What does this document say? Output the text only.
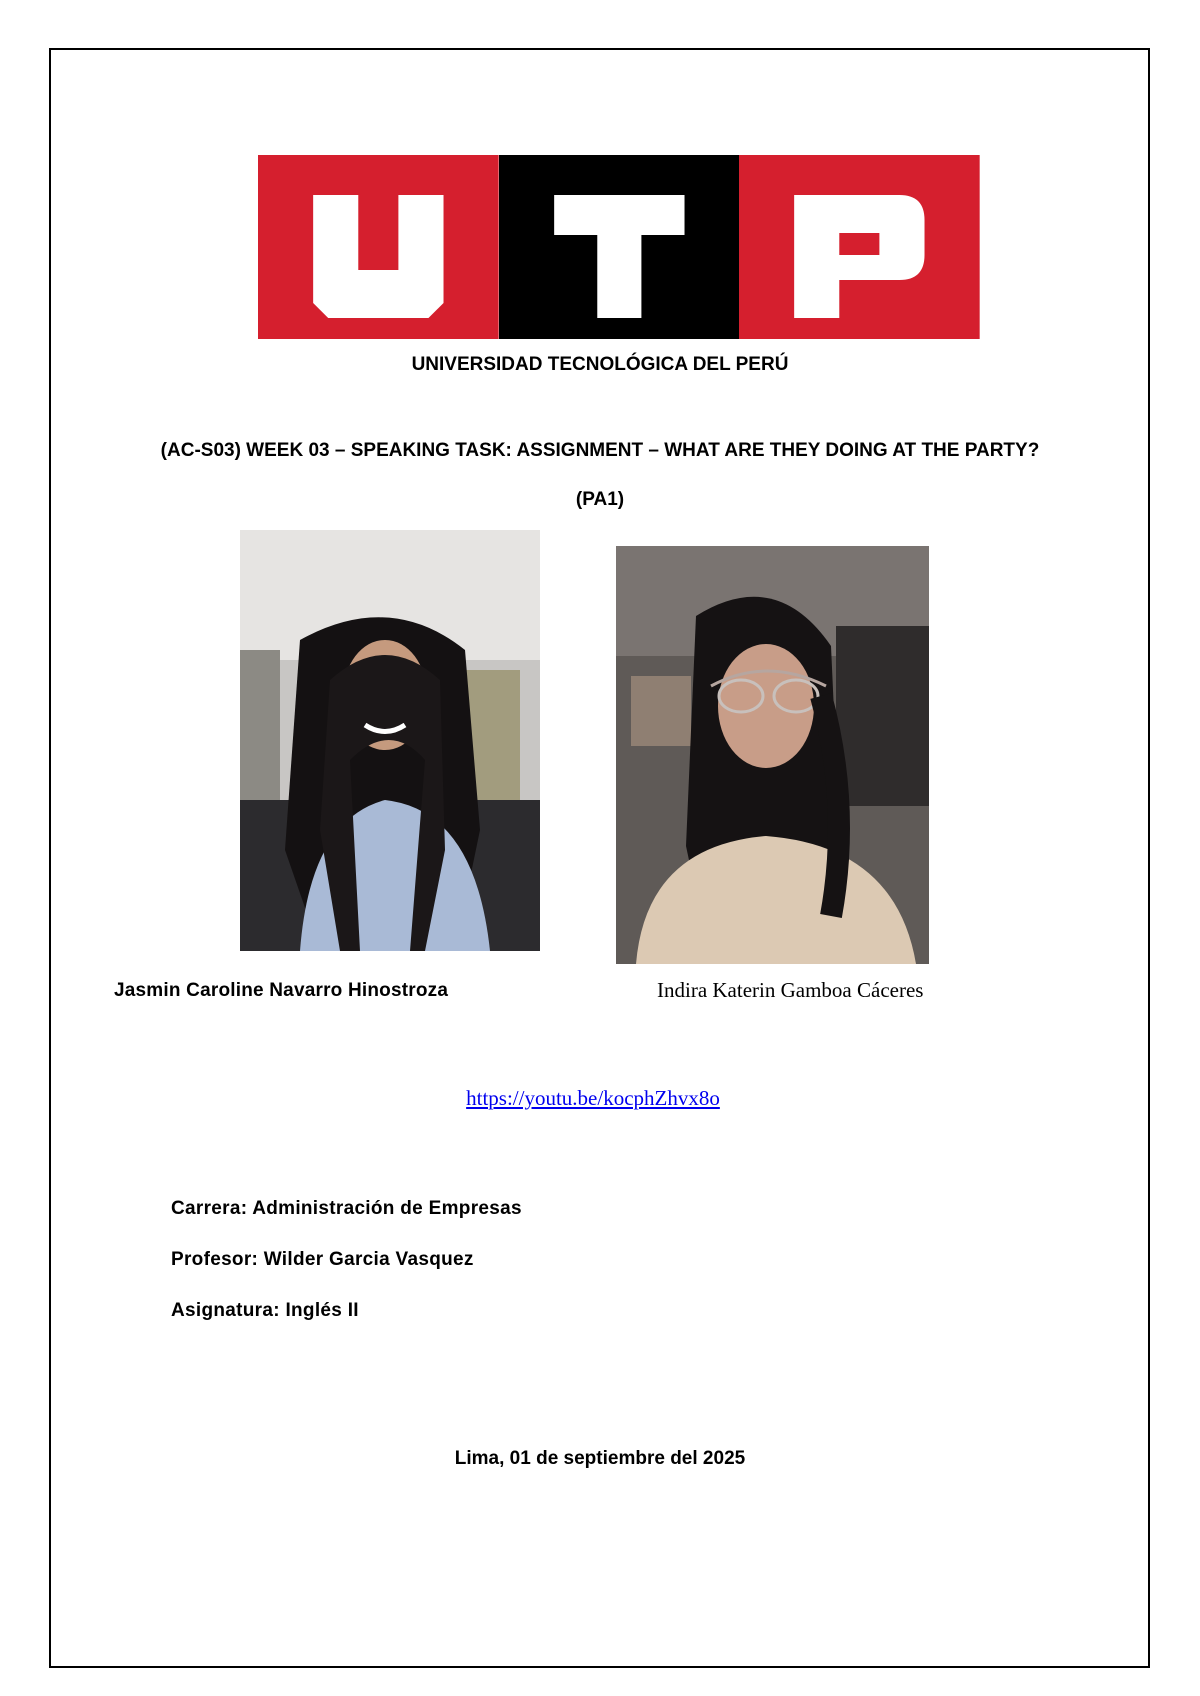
UNIVERSIDAD TECNOLÓGICA DEL PERÚ
(AC-S03) WEEK 03 – SPEAKING TASK: ASSIGNMENT – WHAT ARE THEY DOING AT THE PARTY?
(PA1)
Jasmin Caroline Navarro Hinostroza	Indira Katerin Gamboa Cáceres
https://youtu.be/kocphZhvx8o
Carrera: Administración de Empresas
Profesor: Wilder Garcia Vasquez
Asignatura: Inglés II
Lima, 01 de septiembre del 2025
